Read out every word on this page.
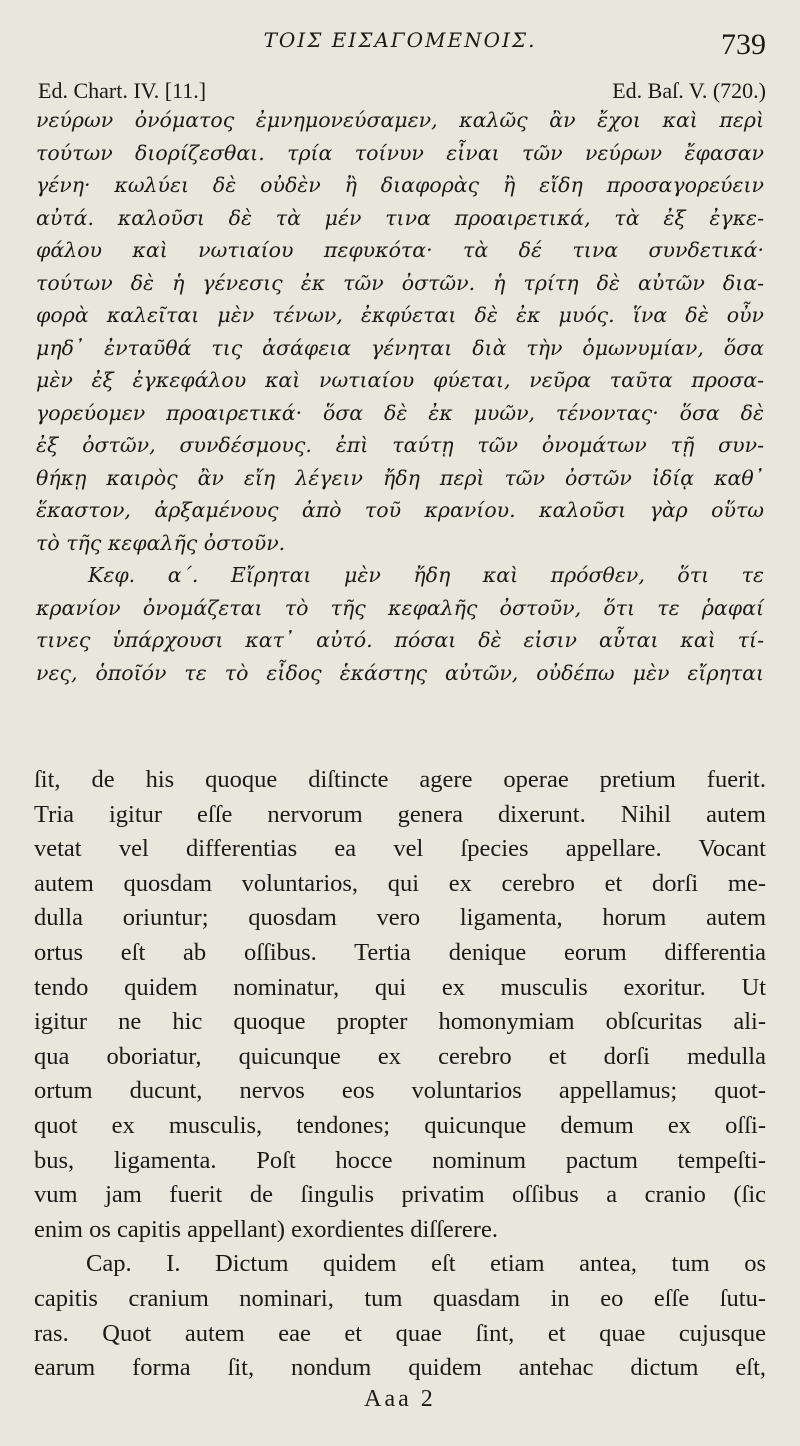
ΤΟΙΣ ΕΙΣΑΓΟΜΕΝΟΙΣ.	739
Ed. Chart. IV. [11.]	Ed. Baſ. V. (720.)
νεύρων ὀνόματος ἐμνημονεύσαμεν, καλῶς ἂν ἔχοι καὶ περὶ
τούτων διορίζεσθαι. τρία τοίνυν εἶναι τῶν νεύρων ἔφασαν
γένη· κωλύει δὲ οὐδὲν ἢ διαφορὰς ἢ εἴδη προσαγορεύειν
αὐτά. καλοῦσι δὲ τὰ μέν τινα προαιρετικά, τὰ ἐξ ἐγκε-
φάλου καὶ νωτιαίου πεφυκότα· τὰ δέ τινα συνδετικά·
τούτων δὲ ἡ γένεσις ἐκ τῶν ὀστῶν. ἡ τρίτη δὲ αὐτῶν δια-
φορὰ καλεῖται μὲν τένων, ἐκφύεται δὲ ἐκ μυός. ἵνα δὲ οὖν
μηδ᾽ ἐνταῦθά τις ἀσάφεια γένηται διὰ τὴν ὁμωνυμίαν, ὅσα
μὲν ἐξ ἐγκεφάλου καὶ νωτιαίου φύεται, νεῦρα ταῦτα προσα-
γορεύομεν προαιρετικά· ὅσα δὲ ἐκ μυῶν, τένοντας· ὅσα δὲ
ἐξ ὀστῶν, συνδέσμους. ἐπὶ ταύτῃ τῶν ὀνομάτων τῇ συν-
θήκῃ καιρὸς ἂν εἴη λέγειν ἤδη περὶ τῶν ὀστῶν ἰδίᾳ καθ᾽
ἕκαστον, ἀρξαμένους ἀπὸ τοῦ κρανίου. καλοῦσι γὰρ οὕτω
τὸ τῆς κεφαλῆς ὀστοῦν.
Κεφ. α΄. Εἴρηται μὲν ἤδη καὶ πρόσθεν, ὅτι τε
κρανίον ὀνομάζεται τὸ τῆς κεφαλῆς ὀστοῦν, ὅτι τε ῥαφαί
τινες ὑπάρχουσι κατ᾽ αὐτό. πόσαι δὲ εἰσιν αὗται καὶ τί-
νες, ὁποῖόν τε τὸ εἶδος ἑκάστης αὐτῶν, οὐδέπω μὲν εἴρηται
ſit, de his quoque diſtincte agere operae pretium fuerit.
Tria igitur eſſe nervorum genera dixerunt. Nihil autem
vetat vel differentias ea vel ſpecies appellare. Vocant
autem quosdam voluntarios, qui ex cerebro et dorſi me-
dulla oriuntur; quosdam vero ligamenta, horum autem
ortus eſt ab oſſibus. Tertia denique eorum differentia
tendo quidem nominatur, qui ex musculis exoritur. Ut
igitur ne hic quoque propter homonymiam obſcuritas ali-
qua oboriatur, quicunque ex cerebro et dorſi medulla
ortum ducunt, nervos eos voluntarios appellamus; quot-
quot ex musculis, tendones; quicunque demum ex oſſi-
bus, ligamenta. Poſt hocce nominum pactum tempeſti-
vum jam fuerit de ſingulis privatim oſſibus a cranio (ſic
enim os capitis appellant) exordientes diſſerere.
Cap. I. Dictum quidem eſt etiam antea, tum os
capitis cranium nominari, tum quasdam in eo eſſe ſutu-
ras. Quot autem eae et quae ſint, et quae cujusque
earum forma ſit, nondum quidem antehac dictum eſt,
Aaa 2
